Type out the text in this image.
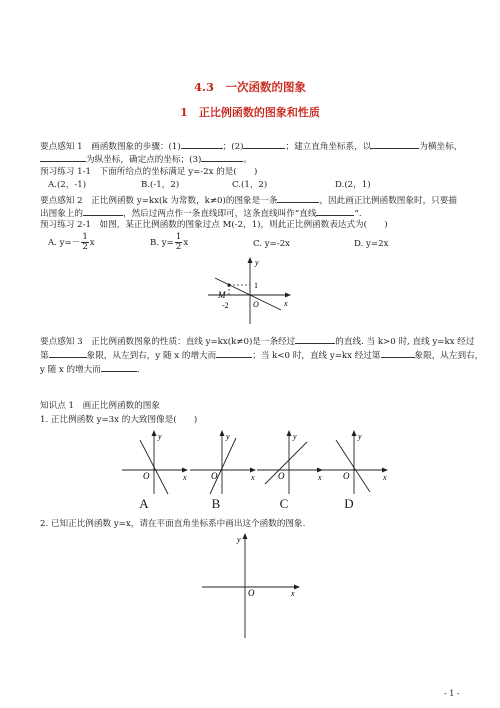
4.3　一次函数的图象
1　正比例函数的图象和性质
要点感知 1　画函数图象的步骤：(1)	；(2)	；建立直角坐标系，以	为横坐标，
为纵坐标，确定点的坐标；(3)	。
预习练习 1-1　下面所给点的坐标满足 y=-2x 的是(　　)
A.(2，-1)	B.(-1，2)	C.(1，2)	D.(2，1)
要点感知 2　正比例函数 y=kx(k 为常数，k≠0)的图象是一条	，因此画正比例函数图象时，只要描
出图象上的	，然后过两点作一条直线即可，这条直线叫作“直线	”.
预习练习 2-1　如图，某正比例函数的图象过点 M(-2，1)，则此正比例函数表达式为(　　)
A. $y=- \frac{1}{2}$ x	B. $y= \frac{1}{2}$ x	C. y=-2x	D. y=2x
M
-2
1
O	x
y
要点感知 3　正比例函数图象的性质：直线 y=kx(k≠0)是一条经过	的直线. 当 k>0 时, 直线 y=kx 经过
第	象限，从左到右，y 随 x 的增大而	；当 k<0 时，直线 y=kx 经过第	象限，从左到右，
y 随 x 的增大而	.
知识点 1　画正比例函数的图象
1. 正比例函数 y=3x 的大致图像是(　　)
O	x
y
O	x
y
O	x
y
O	x
y
A	B	C	D
2. 已知正比例函数 y=x，请在平面直角坐标系中画出这个函数的图象.
O	x
y
- 1 -
